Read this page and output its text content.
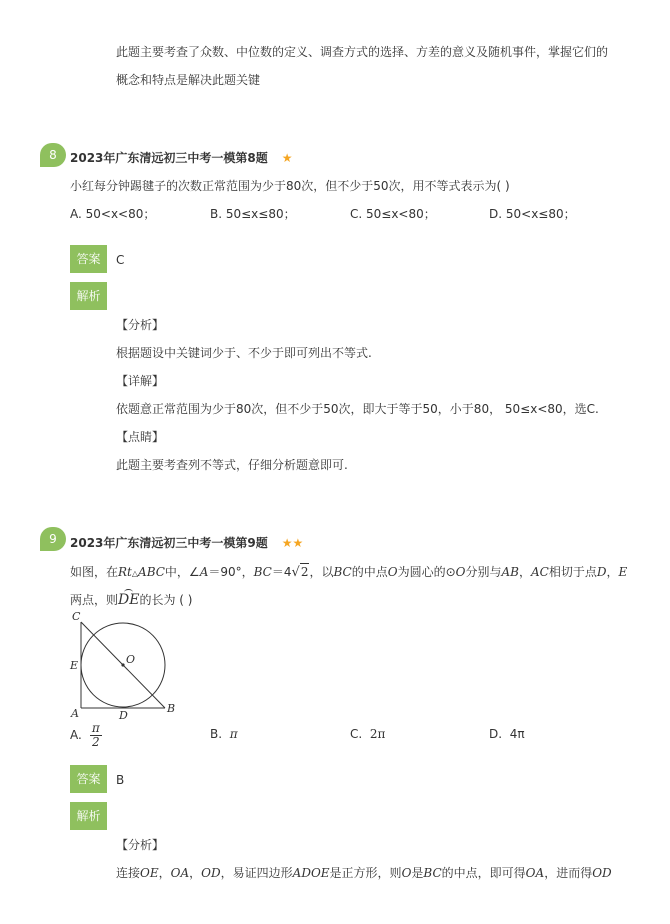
此题主要考查了众数、中位数的定义、调查方式的选择、方差的意义及随机事件，掌握它们的
概念和特点是解决此题关键
8	2023年广东清远初三中考一模第8题 ★
小红每分钟踢毽子的次数正常范围为少于80次，但不少于50次，用不等式表示为( )
A. 50<x<80；	B. 50≤x≤80；	C. 50≤x<80；	D. 50<x≤80；
答案	C
解析
【分析】
根据题设中关键词少于、不少于即可列出不等式.
【详解】
依题意正常范围为少于80次，但不少于50次，即大于等于50，小于80， 50≤x<80，选C.
【点睛】
此题主要考查列不等式，仔细分析题意即可.
9	2023年广东清远初三中考一模第9题 ★★
如图，在Rt△ABC中，∠A＝90°，BC＝4√2，以BC的中点O为圆心的⊙O分别与AB，AC相切于点D，E
两点，则DE的长为 ( )
C
E	O
A	D
B
A. $\frac{\pi}{2}$	B. π	C. 2π	D. 4π
答案	B
解析
【分析】
连接OE，OA，OD，易证四边形ADOE是正方形，则O是BC的中点，即可得OA，进而得OD
